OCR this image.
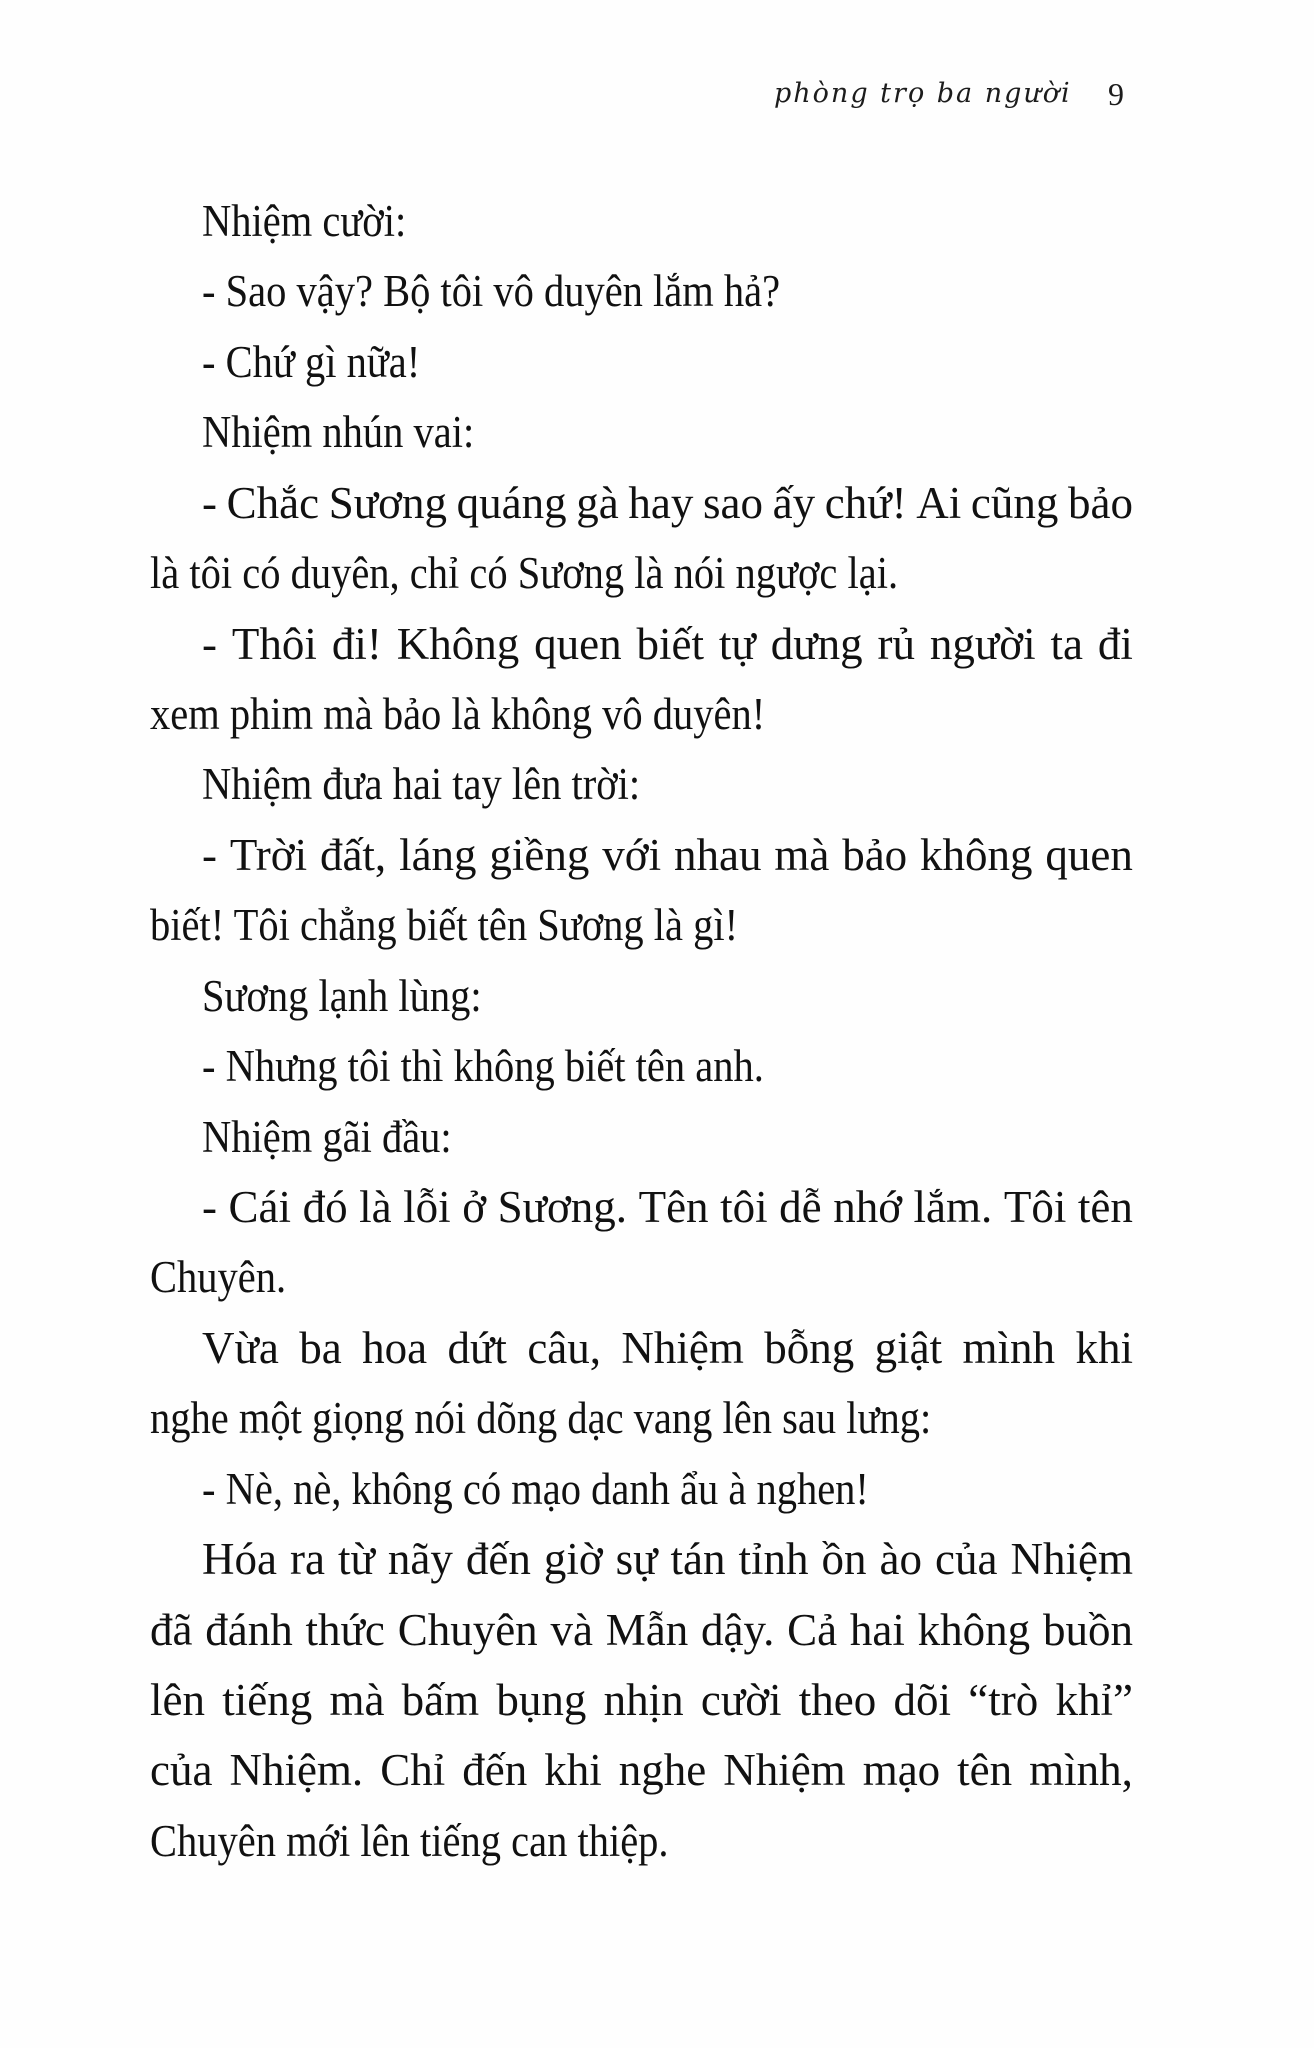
phòng trọ ba người 9
Nhiệm cười:
- Sao vậy? Bộ tôi vô duyên lắm hả?
- Chứ gì nữa!
Nhiệm nhún vai:
- Chắc Sương quáng gà hay sao ấy chứ! Ai cũng bảo
là tôi có duyên, chỉ có Sương là nói ngược lại.
- Thôi đi! Không quen biết tự dưng rủ người ta đi
xem phim mà bảo là không vô duyên!
Nhiệm đưa hai tay lên trời:
- Trời đất, láng giềng với nhau mà bảo không quen
biết! Tôi chẳng biết tên Sương là gì!
Sương lạnh lùng:
- Nhưng tôi thì không biết tên anh.
Nhiệm gãi đầu:
- Cái đó là lỗi ở Sương. Tên tôi dễ nhớ lắm. Tôi tên
Chuyên.
Vừa ba hoa dứt câu, Nhiệm bỗng giật mình khi
nghe một giọng nói dõng dạc vang lên sau lưng:
- Nè, nè, không có mạo danh ẩu à nghen!
Hóa ra từ nãy đến giờ sự tán tỉnh ồn ào của Nhiệm
đã đánh thức Chuyên và Mẫn dậy. Cả hai không buồn
lên tiếng mà bấm bụng nhịn cười theo dõi “trò khỉ”
của Nhiệm. Chỉ đến khi nghe Nhiệm mạo tên mình,
Chuyên mới lên tiếng can thiệp.
